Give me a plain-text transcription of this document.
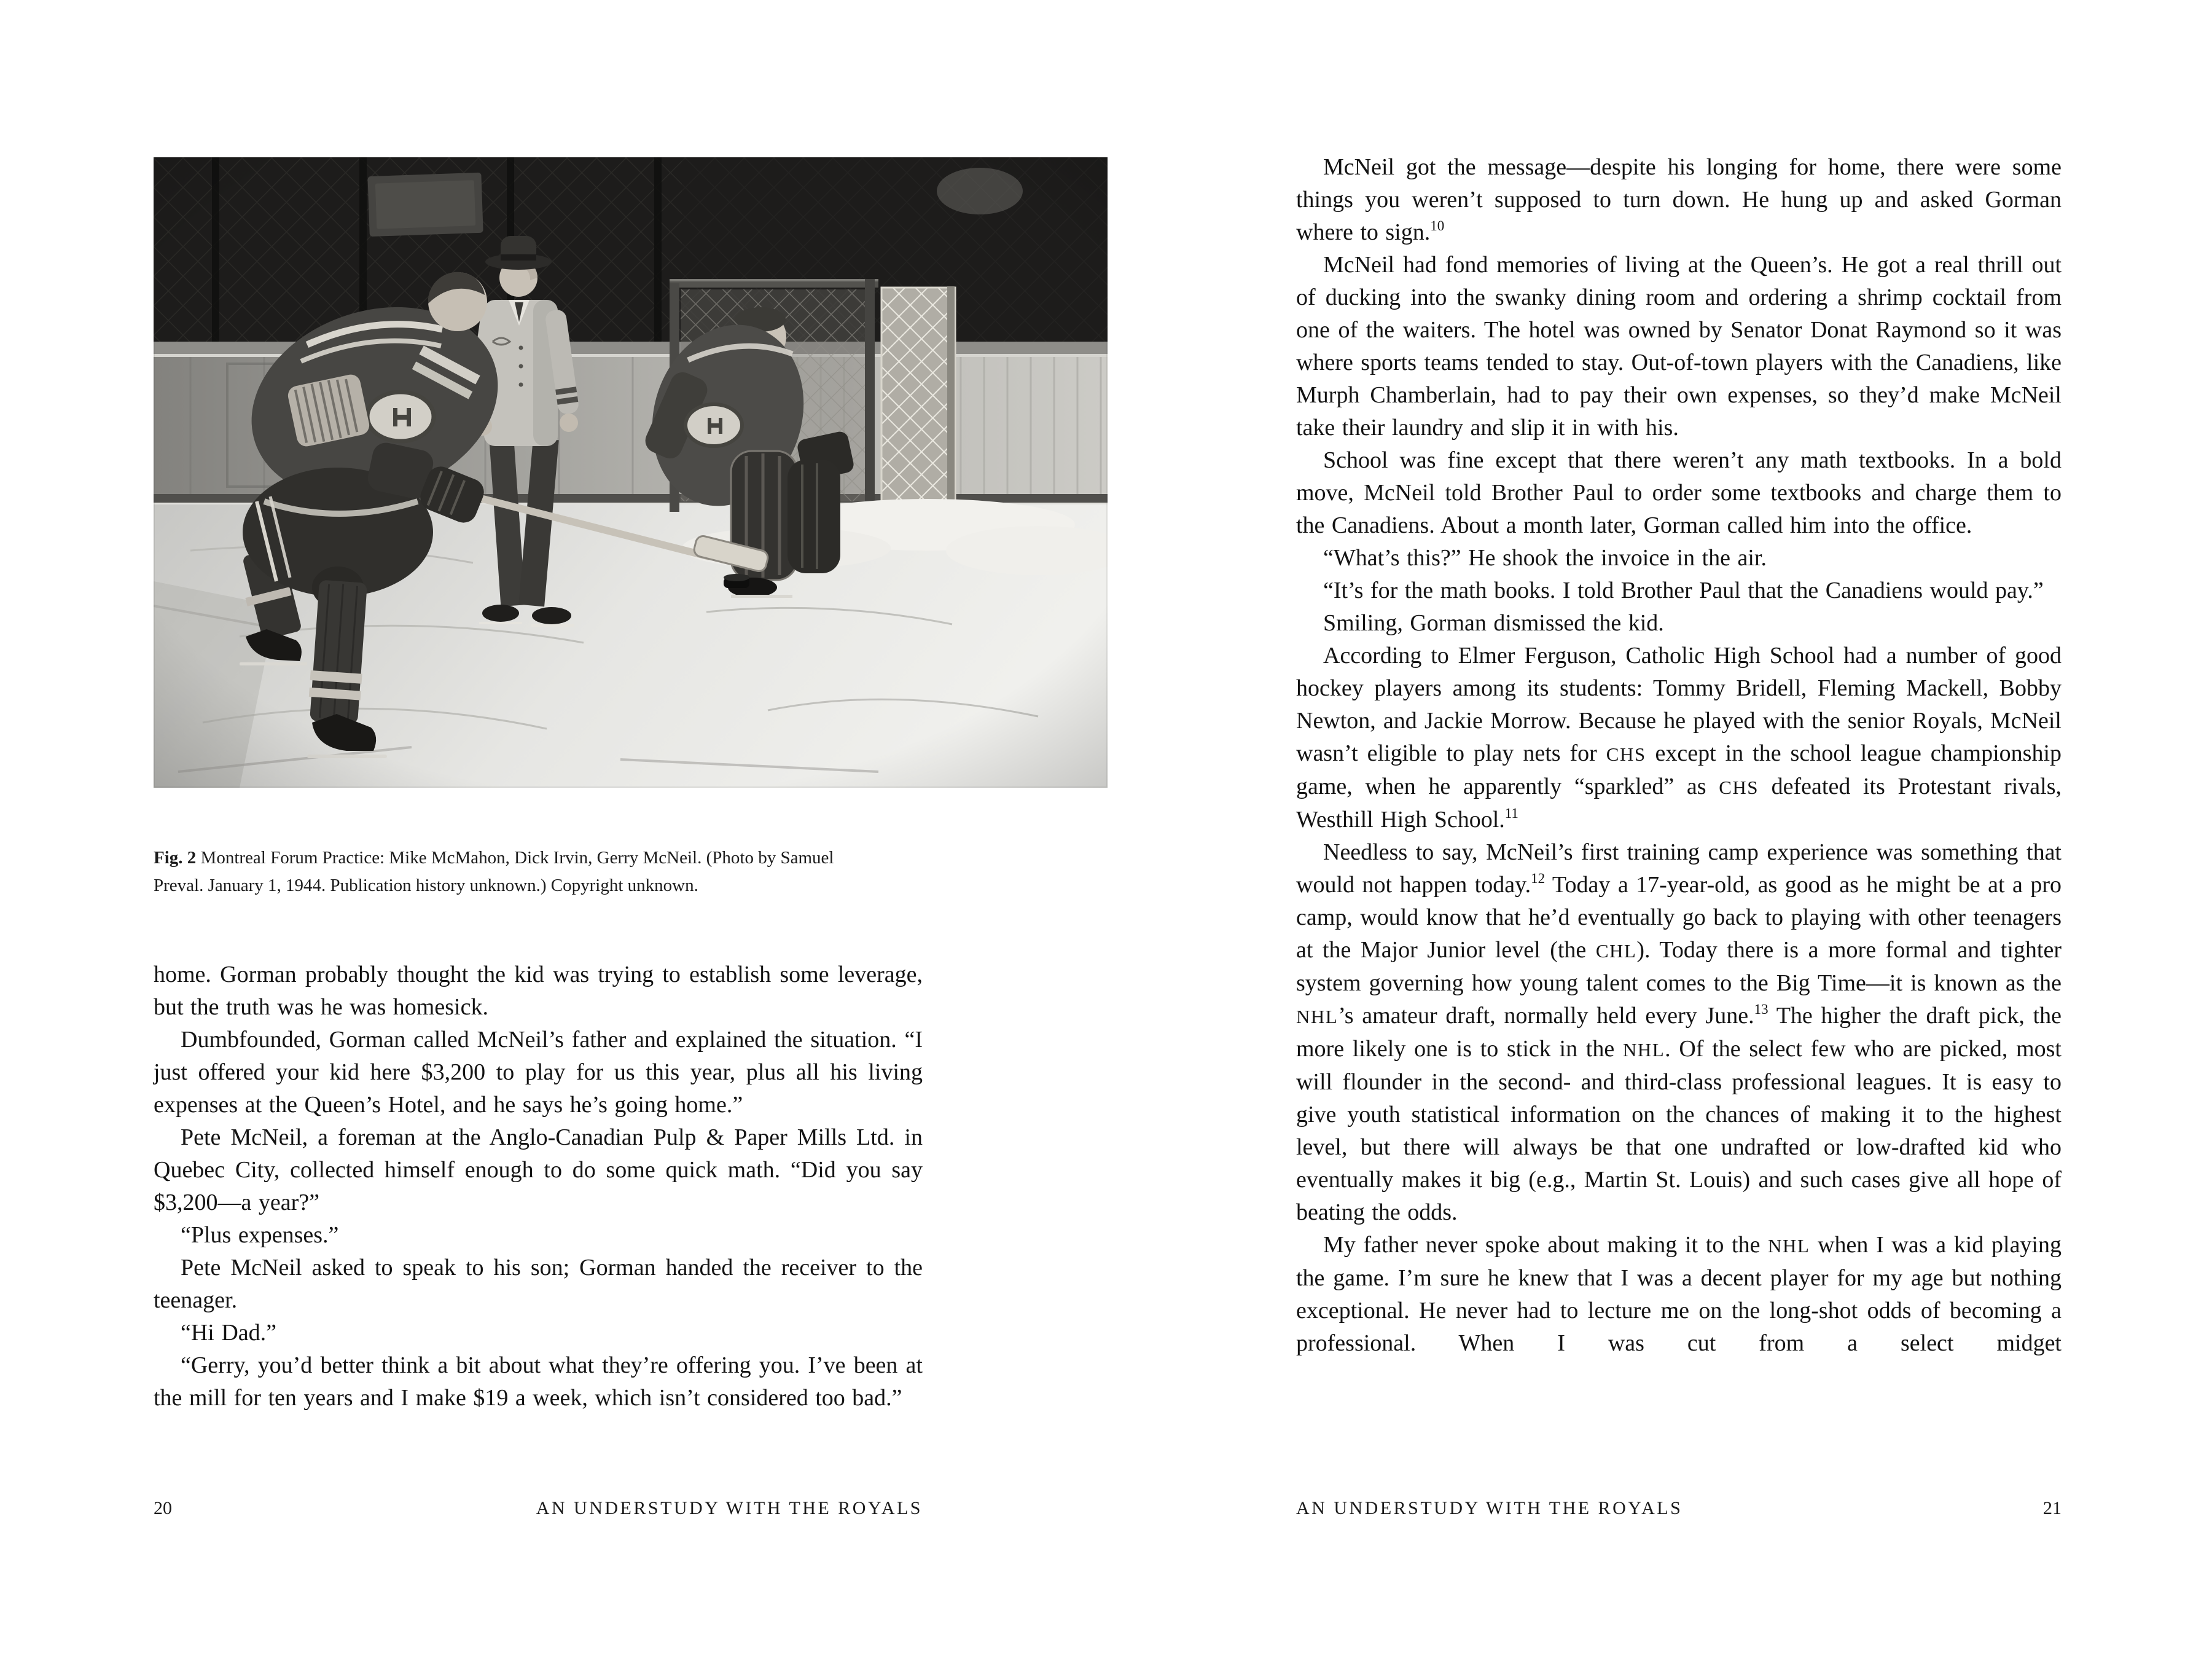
Fig. 2 Montreal Forum Practice: Mike McMahon, Dick Irvin, Gerry McNeil. (Photo by Samuel Preval. January 1, 1944. Publication history unknown.) Copyright unknown.

home. Gorman probably thought the kid was trying to establish some leverage, but the truth was he was homesick.

Dumbfounded, Gorman called McNeil’s father and explained the situation. “I just offered your kid here $3,200 to play for us this year, plus all his living expenses at the Queen’s Hotel, and he says he’s going home.”

Pete McNeil, a foreman at the Anglo-Canadian Pulp & Paper Mills Ltd. in Quebec City, collected himself enough to do some quick math. “Did you say $3,200—a year?”

“Plus expenses.”

Pete McNeil asked to speak to his son; Gorman handed the receiver to the teenager.

“Hi Dad.”

“Gerry, you’d better think a bit about what they’re offering you. I’ve been at the mill for ten years and I make $19 a week, which isn’t considered too bad.”

20	AN UNDERSTUDY WITH THE ROYALS

McNeil got the message—despite his longing for home, there were some things you weren’t supposed to turn down. He hung up and asked Gorman where to sign.$^{10}$

McNeil had fond memories of living at the Queen’s. He got a real thrill out of ducking into the swanky dining room and ordering a shrimp cocktail from one of the waiters. The hotel was owned by Senator Donat Raymond so it was where sports teams tended to stay. Out-of-town players with the Canadiens, like Murph Chamberlain, had to pay their own expenses, so they’d make McNeil take their laundry and slip it in with his.

School was fine except that there weren’t any math textbooks. In a bold move, McNeil told Brother Paul to order some textbooks and charge them to the Canadiens. About a month later, Gorman called him into the office.

“What’s this?” He shook the invoice in the air.

“It’s for the math books. I told Brother Paul that the Canadiens would pay.”

Smiling, Gorman dismissed the kid.

According to Elmer Ferguson, Catholic High School had a number of good hockey players among its students: Tommy Bridell, Fleming Mackell, Bobby Newton, and Jackie Morrow. Because he played with the senior Royals, McNeil wasn’t eligible to play nets for CHS except in the school league championship game, when he apparently “sparkled” as CHS defeated its Protestant rivals, Westhill High School.$^{11}$

Needless to say, McNeil’s first training camp experience was something that would not happen today.$^{12}$ Today a 17-year-old, as good as he might be at a pro camp, would know that he’d eventually go back to playing with other teenagers at the Major Junior level (the CHL). Today there is a more formal and tighter system governing how young talent comes to the Big Time—it is known as the NHL’s amateur draft, normally held every June.$^{13}$ The higher the draft pick, the more likely one is to stick in the NHL. Of the select few who are picked, most will flounder in the second- and third-class professional leagues. It is easy to give youth statistical information on the chances of making it to the highest level, but there will always be that one undrafted or low-drafted kid who eventually makes it big (e.g., Martin St. Louis) and such cases give all hope of beating the odds.

My father never spoke about making it to the NHL when I was a kid playing the game. I’m sure he knew that I was a decent player for my age but nothing exceptional. He never had to lecture me on the long-shot odds of becoming a professional. When I was cut from a select midget

AN UNDERSTUDY WITH THE ROYALS	21
